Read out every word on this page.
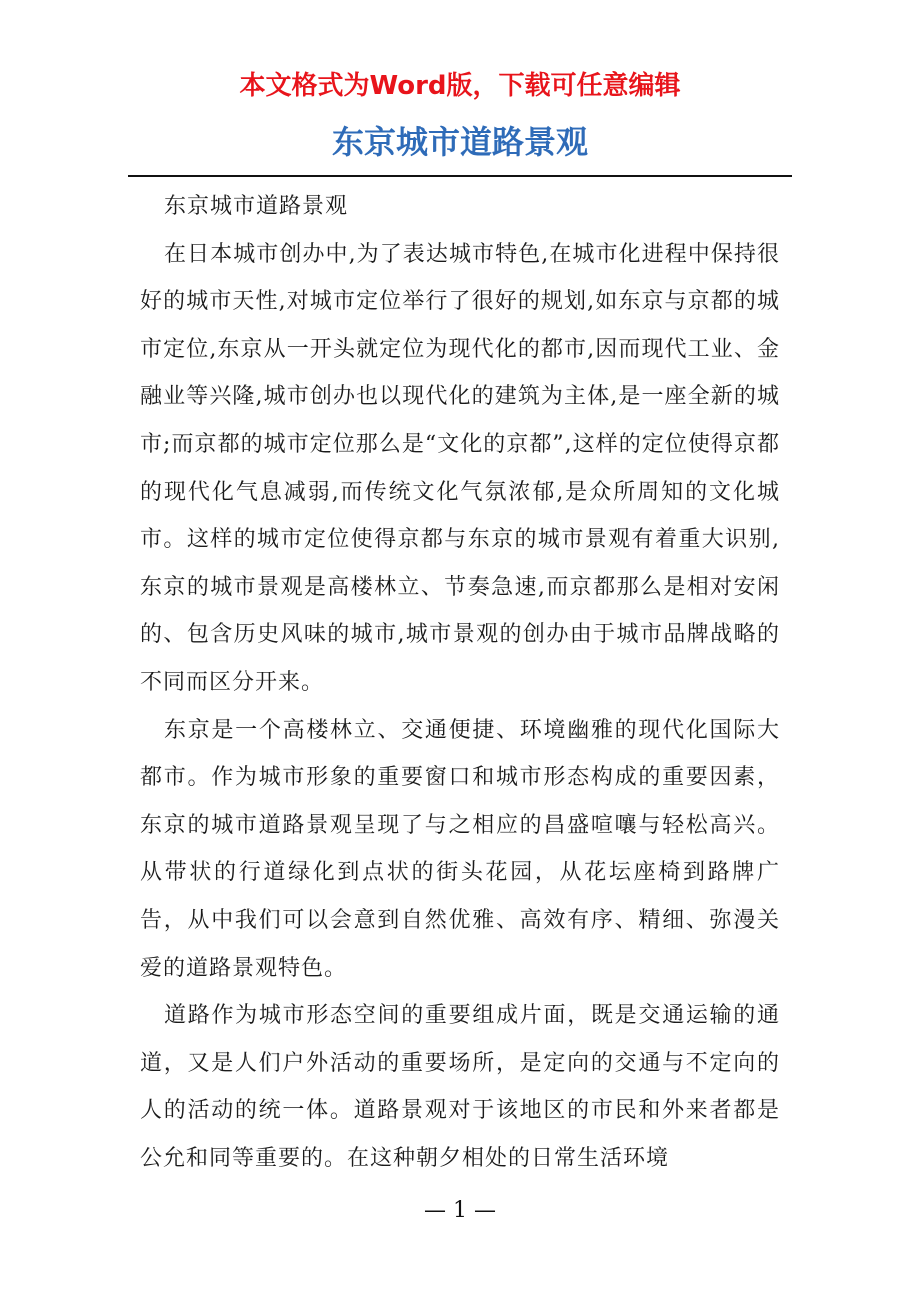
本文格式为Word版，下载可任意编辑
东京城市道路景观

东京城市道路景观

在日本城市创办中,为了表达城市特色,在城市化进程中保持很好的城市天性,对城市定位举行了很好的规划,如东京与京都的城市定位,东京从一开头就定位为现代化的都市,因而现代工业、金融业等兴隆,城市创办也以现代化的建筑为主体,是一座全新的城市;而京都的城市定位那么是“文化的京都”,这样的定位使得京都的现代化气息减弱,而传统文化气氛浓郁,是众所周知的文化城市。这样的城市定位使得京都与东京的城市景观有着重大识别,东京的城市景观是高楼林立、节奏急速,而京都那么是相对安闲的、包含历史风味的城市,城市景观的创办由于城市品牌战略的不同而区分开来。

东京是一个高楼林立、交通便捷、环境幽雅的现代化国际大都市。作为城市形象的重要窗口和城市形态构成的重要因素，东京的城市道路景观呈现了与之相应的昌盛喧嚷与轻松高兴。从带状的行道绿化到点状的街头花园，从花坛座椅到路牌广告，从中我们可以会意到自然优雅、高效有序、精细、弥漫关爱的道路景观特色。

道路作为城市形态空间的重要组成片面，既是交通运输的通道，又是人们户外活动的重要场所，是定向的交通与不定向的人的活动的统一体。道路景观对于该地区的市民和外来者都是公允和同等重要的。在这种朝夕相处的日常生活环境

— 1 —
